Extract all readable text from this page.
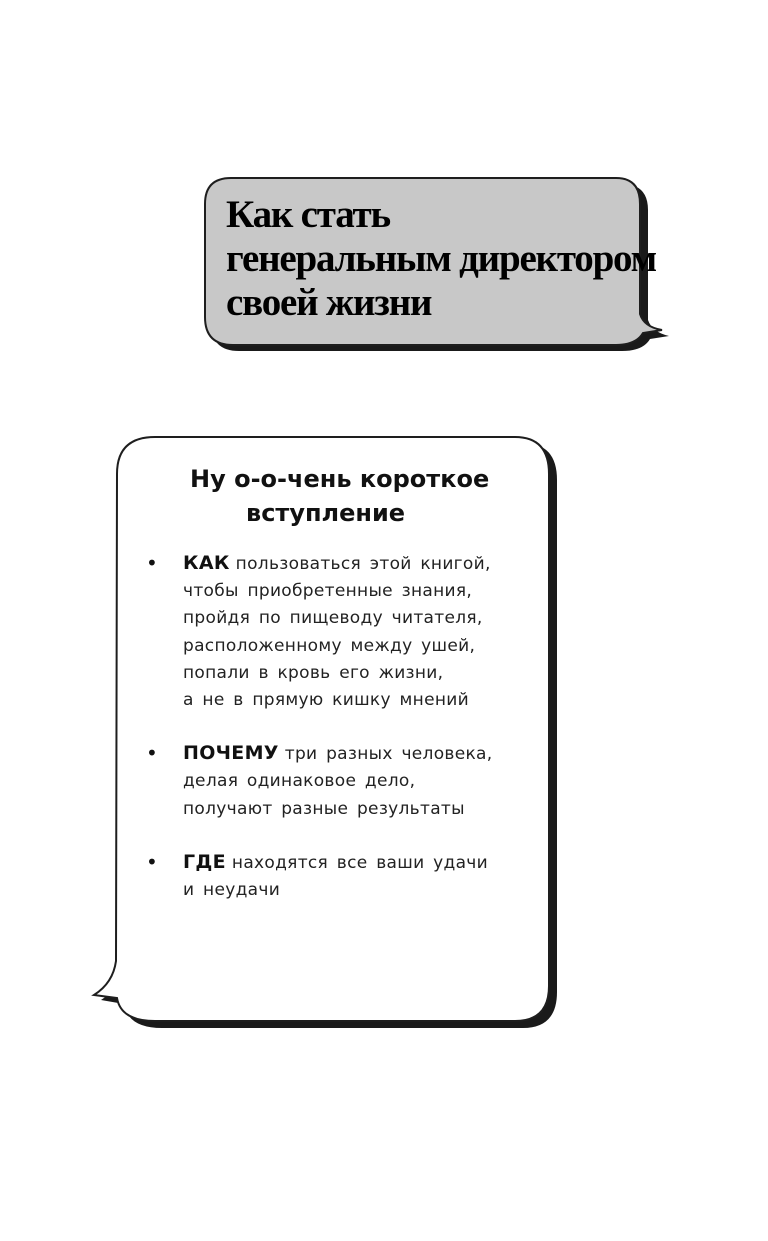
Как стать
генеральным директором
своей жизни
Ну о-о-чень короткое
вступление
• КАК пользоваться этой книгой,
чтобы приобретенные знания,
пройдя по пищеводу читателя,
расположенному между ушей,
попали в кровь его жизни,
а не в прямую кишку мнений
• ПОЧЕМУ три разных человека,
делая одинаковое дело,
получают разные результаты
• ГДЕ находятся все ваши удачи
и неудачи
